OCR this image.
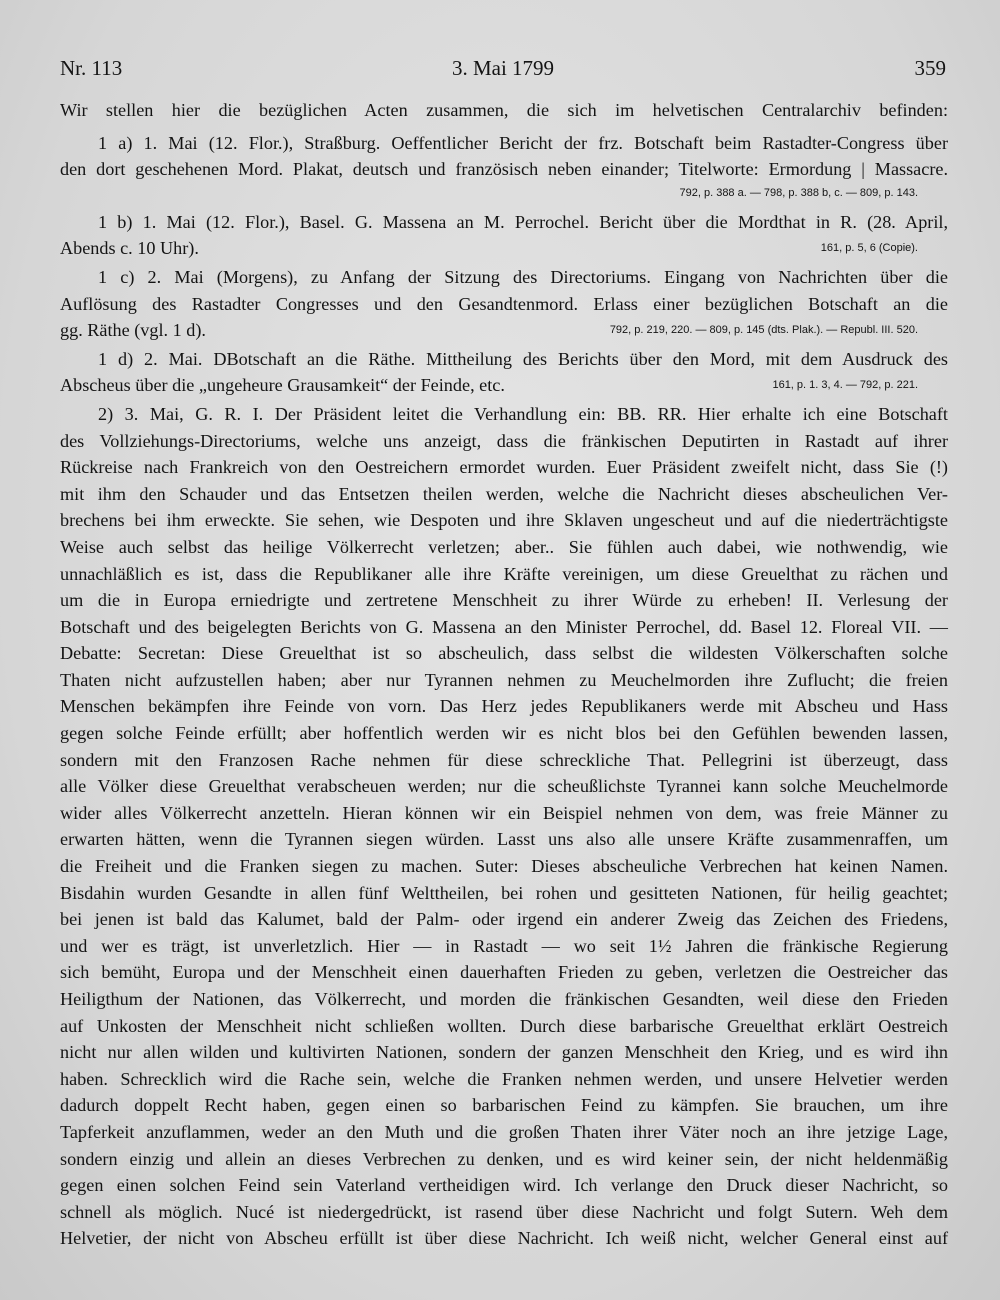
Nr. 113	3. Mai 1799	359

Wir stellen hier die bezüglichen Acten zusammen, die sich im helvetischen Centralarchiv befinden:

1 a) 1. Mai (12. Flor.), Straßburg. Oeffentlicher Bericht der frz. Botschaft beim Rastadter-Congress über
den dort geschehenen Mord. Plakat, deutsch und französisch neben einander; Titelworte: Ermordung | Massacre.
792, p. 388 a. — 798, p. 388 b, c. — 809, p. 143.
1 b) 1. Mai (12. Flor.), Basel. G. Massena an M. Perrochel. Bericht über die Mordthat in R. (28. April,
Abends c. 10 Uhr).	161, p. 5, 6 (Copie).
1 c) 2. Mai (Morgens), zu Anfang der Sitzung des Directoriums. Eingang von Nachrichten über die
Auflösung des Rastadter Congresses und den Gesandtenmord. Erlass einer bezüglichen Botschaft an die
gg. Räthe (vgl. 1 d).	792, p. 219, 220. — 809, p. 145 (dts. Plak.). — Republ. III. 520.
1 d) 2. Mai. DBotschaft an die Räthe. Mittheilung des Berichts über den Mord, mit dem Ausdruck des
Abscheus über die „ungeheure Grausamkeit“ der Feinde, etc.	161, p. 1. 3, 4. — 792, p. 221.
2) 3. Mai, G. R. I. Der Präsident leitet die Verhandlung ein: BB. RR. Hier erhalte ich eine Botschaft
des Vollziehungs-Directoriums, welche uns anzeigt, dass die fränkischen Deputirten in Rastadt auf ihrer
Rückreise nach Frankreich von den Oestreichern ermordet wurden. Euer Präsident zweifelt nicht, dass Sie (!)
mit ihm den Schauder und das Entsetzen theilen werden, welche die Nachricht dieses abscheulichen Ver-
brechens bei ihm erweckte. Sie sehen, wie Despoten und ihre Sklaven ungescheut und auf die niederträchtigste
Weise auch selbst das heilige Völkerrecht verletzen; aber.. Sie fühlen auch dabei, wie nothwendig, wie
unnachläßlich es ist, dass die Republikaner alle ihre Kräfte vereinigen, um diese Greuelthat zu rächen und
um die in Europa erniedrigte und zertretene Menschheit zu ihrer Würde zu erheben! II. Verlesung der
Botschaft und des beigelegten Berichts von G. Massena an den Minister Perrochel, dd. Basel 12. Floreal VII. —
Debatte: Secretan: Diese Greuelthat ist so abscheulich, dass selbst die wildesten Völkerschaften solche
Thaten nicht aufzustellen haben; aber nur Tyrannen nehmen zu Meuchelmorden ihre Zuflucht; die freien
Menschen bekämpfen ihre Feinde von vorn. Das Herz jedes Republikaners werde mit Abscheu und Hass
gegen solche Feinde erfüllt; aber hoffentlich werden wir es nicht blos bei den Gefühlen bewenden lassen,
sondern mit den Franzosen Rache nehmen für diese schreckliche That. Pellegrini ist überzeugt, dass
alle Völker diese Greuelthat verabscheuen werden; nur die scheußlichste Tyrannei kann solche Meuchelmorde
wider alles Völkerrecht anzetteln. Hieran können wir ein Beispiel nehmen von dem, was freie Männer zu
erwarten hätten, wenn die Tyrannen siegen würden. Lasst uns also alle unsere Kräfte zusammenraffen, um
die Freiheit und die Franken siegen zu machen. Suter: Dieses abscheuliche Verbrechen hat keinen Namen.
Bisdahin wurden Gesandte in allen fünf Welttheilen, bei rohen und gesitteten Nationen, für heilig geachtet;
bei jenen ist bald das Kalumet, bald der Palm- oder irgend ein anderer Zweig das Zeichen des Friedens,
und wer es trägt, ist unverletzlich. Hier — in Rastadt — wo seit 1½ Jahren die fränkische Regierung
sich bemüht, Europa und der Menschheit einen dauerhaften Frieden zu geben, verletzen die Oestreicher das
Heiligthum der Nationen, das Völkerrecht, und morden die fränkischen Gesandten, weil diese den Frieden
auf Unkosten der Menschheit nicht schließen wollten. Durch diese barbarische Greuelthat erklärt Oestreich
nicht nur allen wilden und kultivirten Nationen, sondern der ganzen Menschheit den Krieg, und es wird ihn
haben. Schrecklich wird die Rache sein, welche die Franken nehmen werden, und unsere Helvetier werden
dadurch doppelt Recht haben, gegen einen so barbarischen Feind zu kämpfen. Sie brauchen, um ihre
Tapferkeit anzuflammen, weder an den Muth und die großen Thaten ihrer Väter noch an ihre jetzige Lage,
sondern einzig und allein an dieses Verbrechen zu denken, und es wird keiner sein, der nicht heldenmäßig
gegen einen solchen Feind sein Vaterland vertheidigen wird. Ich verlange den Druck dieser Nachricht, so
schnell als möglich. Nucé ist niedergedrückt, ist rasend über diese Nachricht und folgt Sutern. Weh dem
Helvetier, der nicht von Abscheu erfüllt ist über diese Nachricht. Ich weiß nicht, welcher General einst auf
